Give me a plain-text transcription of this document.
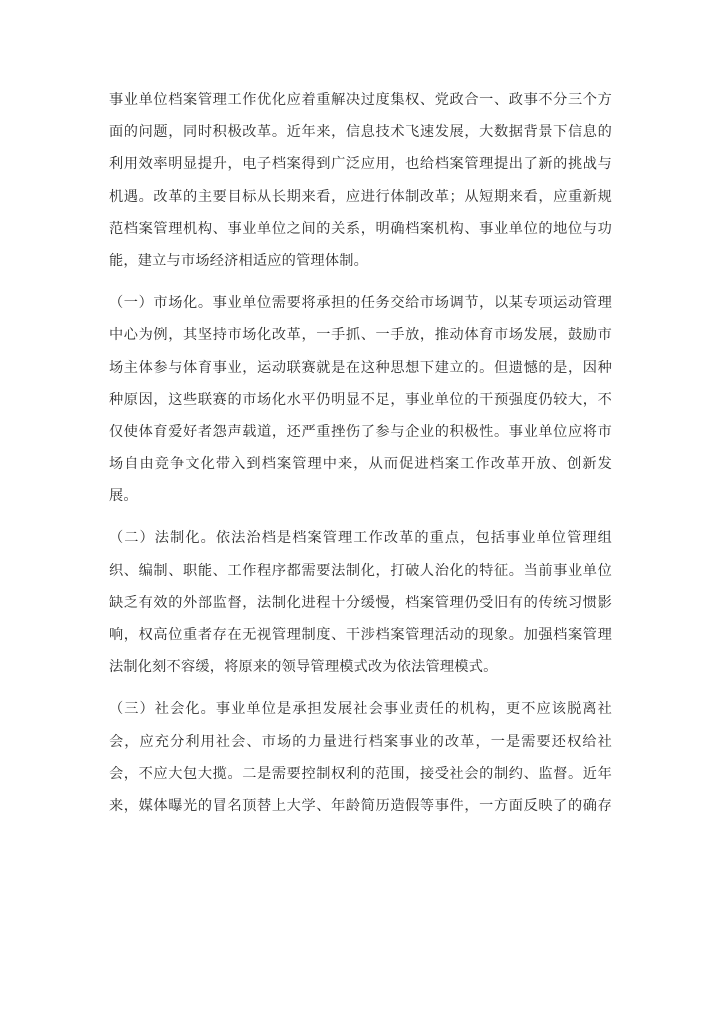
事业单位档案管理工作优化应着重解决过度集权、党政合一、政事不分三个方
面的问题，同时积极改革。近年来，信息技术飞速发展，大数据背景下信息的
利用效率明显提升，电子档案得到广泛应用，也给档案管理提出了新的挑战与
机遇。改革的主要目标从长期来看，应进行体制改革；从短期来看，应重新规
范档案管理机构、事业单位之间的关系，明确档案机构、事业单位的地位与功
能，建立与市场经济相适应的管理体制。
（一）市场化。事业单位需要将承担的任务交给市场调节，以某专项运动管理
中心为例，其坚持市场化改革，一手抓、一手放，推动体育市场发展，鼓励市
场主体参与体育事业，运动联赛就是在这种思想下建立的。但遗憾的是，因种
种原因，这些联赛的市场化水平仍明显不足，事业单位的干预强度仍较大，不
仅使体育爱好者怨声载道，还严重挫伤了参与企业的积极性。事业单位应将市
场自由竞争文化带入到档案管理中来，从而促进档案工作改革开放、创新发
展。
（二）法制化。依法治档是档案管理工作改革的重点，包括事业单位管理组
织、编制、职能、工作程序都需要法制化，打破人治化的特征。当前事业单位
缺乏有效的外部监督，法制化进程十分缓慢，档案管理仍受旧有的传统习惯影
响，权高位重者存在无视管理制度、干涉档案管理活动的现象。加强档案管理
法制化刻不容缓，将原来的领导管理模式改为依法管理模式。
（三）社会化。事业单位是承担发展社会事业责任的机构，更不应该脱离社
会，应充分利用社会、市场的力量进行档案事业的改革，一是需要还权给社
会，不应大包大揽。二是需要控制权利的范围，接受社会的制约、监督。近年
来，媒体曝光的冒名顶替上大学、年龄简历造假等事件，一方面反映了的确存
